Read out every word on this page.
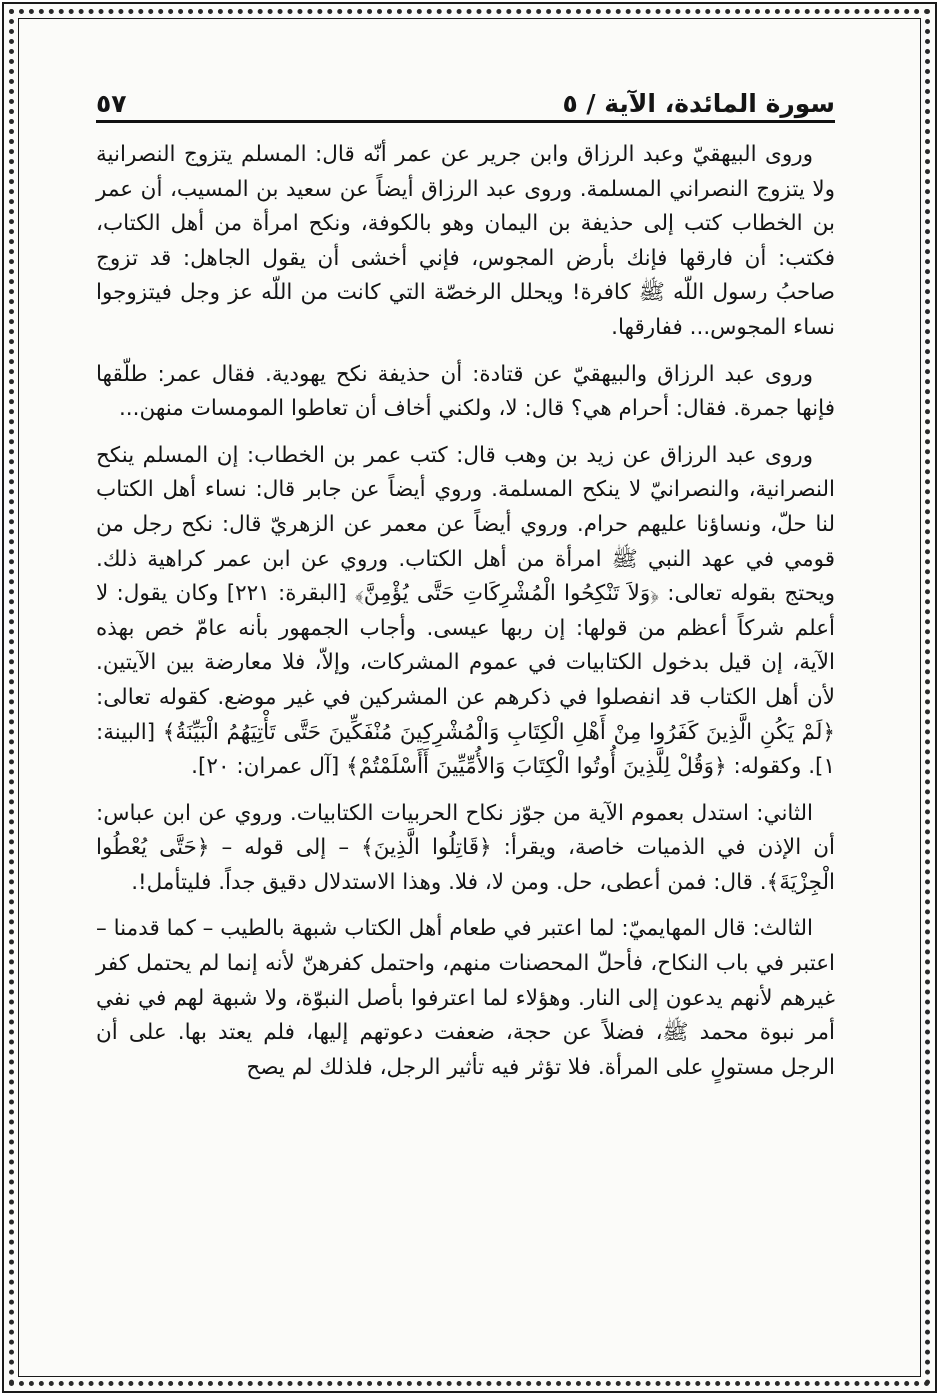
سورة المائدة، الآية / ٥
٥٧

وروى البيهقيّ وعبد الرزاق وابن جرير عن عمر أنّه قال: المسلم يتزوج النصرانية ولا يتزوج النصراني المسلمة. وروى عبد الرزاق أيضاً عن سعيد بن المسيب، أن عمر بن الخطاب كتب إلى حذيفة بن اليمان وهو بالكوفة، ونكح امرأة من أهل الكتاب، فكتب: أن فارقها فإنك بأرض المجوس، فإني أخشى أن يقول الجاهل: قد تزوج صاحبُ رسول اللّه ﷺ كافرة! ويحلل الرخصّة التي كانت من اللّه عز وجل فيتزوجوا نساء المجوس... ففارقها.

وروى عبد الرزاق والبيهقيّ عن قتادة: أن حذيفة نكح يهودية. فقال عمر: طلّقها فإنها جمرة. فقال: أحرام هي؟ قال: لا، ولكني أخاف أن تعاطوا المومسات منهن...

وروى عبد الرزاق عن زيد بن وهب قال: كتب عمر بن الخطاب: إن المسلم ينكح النصرانية، والنصرانيّ لا ينكح المسلمة. وروي أيضاً عن جابر قال: نساء أهل الكتاب لنا حلّ، ونساؤنا عليهم حرام. وروي أيضاً عن معمر عن الزهريّ قال: نكح رجل من قومي في عهد النبي ﷺ امرأة من أهل الكتاب. وروي عن ابن عمر كراهية ذلك. ويحتج بقوله تعالى: ﴿وَلاَ تَنْكِحُوا الْمُشْرِكَاتِ حَتَّى يُؤْمِنَّ﴾ [البقرة: ٢٢١] وكان يقول: لا أعلم شركاً أعظم من قولها: إن ربها عيسى. وأجاب الجمهور بأنه عامّ خص بهذه الآية، إن قيل بدخول الكتابيات في عموم المشركات، وإلاّ، فلا معارضة بين الآيتين. لأن أهل الكتاب قد انفصلوا في ذكرهم عن المشركين في غير موضع. كقوله تعالى: ﴿لَمْ يَكُنِ الَّذِينَ كَفَرُوا مِنْ أَهْلِ الْكِتَابِ وَالْمُشْرِكِينَ مُنْفَكِّينَ حَتَّى تَأْتِيَهُمُ الْبَيِّنَةُ﴾ [البينة: ١]. وكقوله: ﴿وَقُلْ لِلَّذِينَ أُوتُوا الْكِتَابَ وَالأُمِّيِّينَ أَأَسْلَمْتُمْ﴾ [آل عمران: ٢٠].

الثاني: استدل بعموم الآية من جوّز نكاح الحربيات الكتابيات. وروي عن ابن عباس: أن الإذن في الذميات خاصة، ويقرأ: ﴿قَاتِلُوا الَّذِينَ﴾ – إلى قوله – ﴿حَتَّى يُعْطُوا الْجِزْيَةَ﴾. قال: فمن أعطى، حل. ومن لا، فلا. وهذا الاستدلال دقيق جداً. فليتأمل!.

الثالث: قال المهايميّ: لما اعتبر في طعام أهل الكتاب شبهة بالطيب – كما قدمنا – اعتبر في باب النكاح، فأحلّ المحصنات منهم، واحتمل كفرهنّ لأنه إنما لم يحتمل كفر غيرهم لأنهم يدعون إلى النار. وهؤلاء لما اعترفوا بأصل النبوّة، ولا شبهة لهم في نفي أمر نبوة محمد ﷺ، فضلاً عن حجة، ضعفت دعوتهم إليها، فلم يعتد بها. على أن الرجل مستولٍ على المرأة. فلا تؤثر فيه تأثير الرجل، فلذلك لم يصح
